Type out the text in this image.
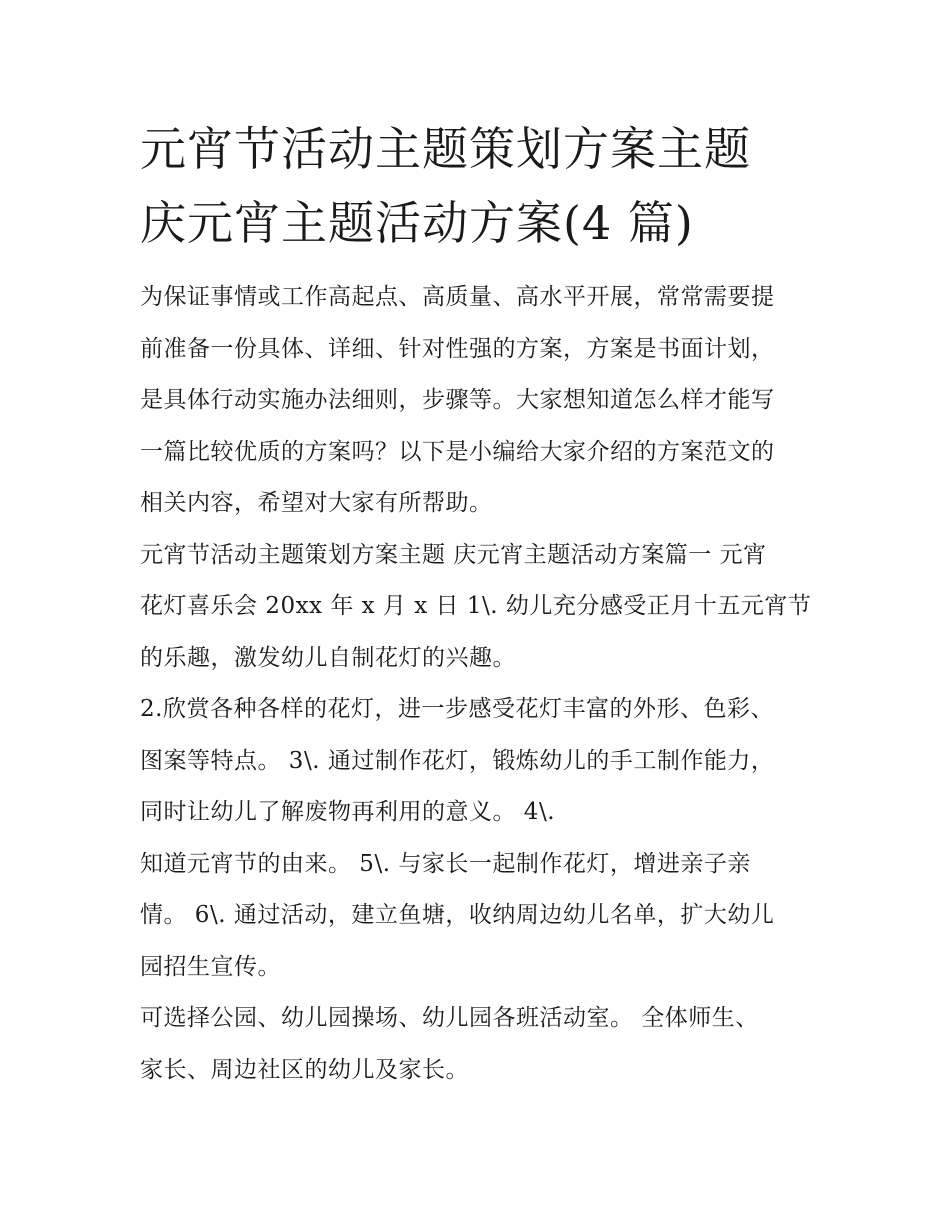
元宵节活动主题策划方案主题
庆元宵主题活动方案(4 篇)

为保证事情或工作高起点、高质量、高水平开展，常常需要提
前准备一份具体、详细、针对性强的方案，方案是书面计划，
是具体行动实施办法细则，步骤等。大家想知道怎么样才能写
一篇比较优质的方案吗？以下是小编给大家介绍的方案范文的
相关内容，希望对大家有所帮助。

元宵节活动主题策划方案主题 庆元宵主题活动方案篇一 元宵
花灯喜乐会 20xx 年 x 月 x 日 1\. 幼儿充分感受正月十五元宵节
的乐趣，激发幼儿自制花灯的兴趣。

2.欣赏各种各样的花灯，进一步感受花灯丰富的外形、色彩、
图案等特点。 3\. 通过制作花灯，锻炼幼儿的手工制作能力，
同时让幼儿了解废物再利用的意义。 4\.

知道元宵节的由来。 5\. 与家长一起制作花灯，增进亲子亲
情。 6\. 通过活动，建立鱼塘，收纳周边幼儿名单，扩大幼儿
园招生宣传。

可选择公园、幼儿园操场、幼儿园各班活动室。 全体师生、
家长、周边社区的幼儿及家长。
